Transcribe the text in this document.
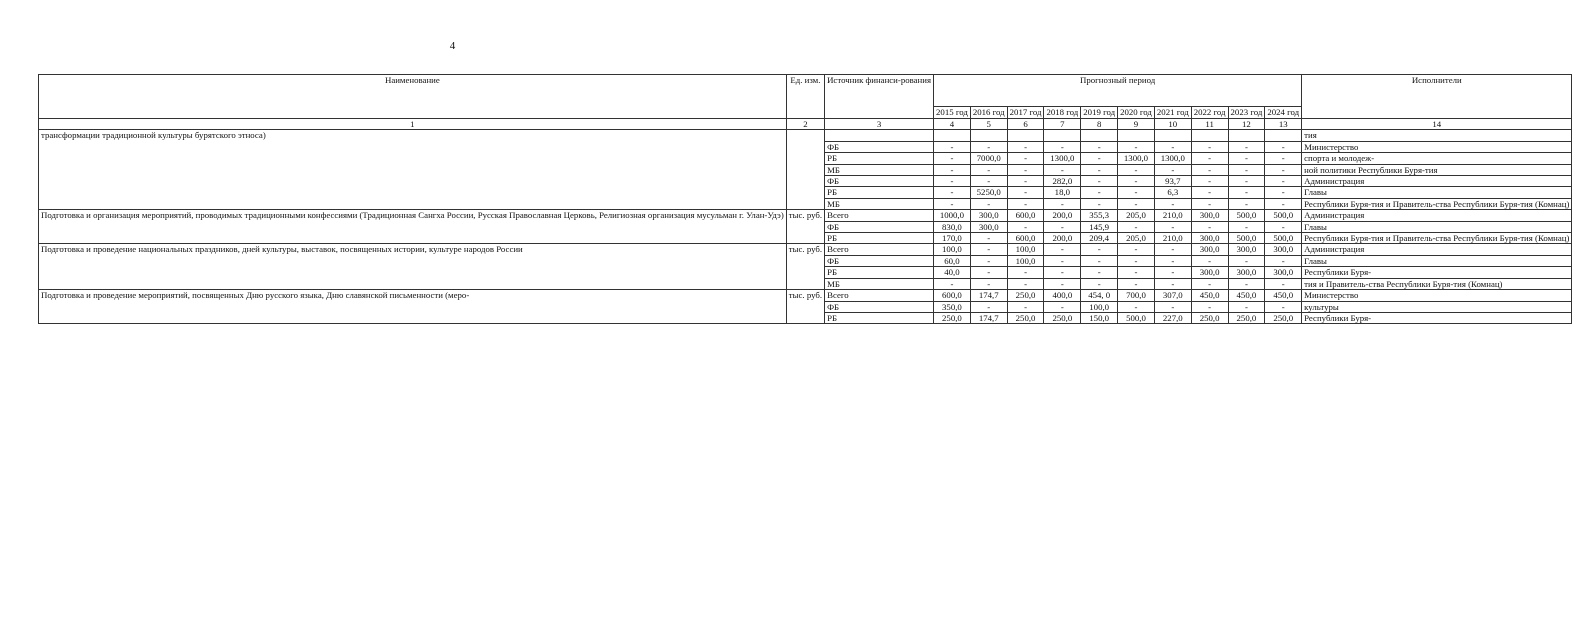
4
Наименование	Ед. изм.	Источник финанси-рования	Прогнозный период										Исполнители
			2015 год	2016 год	2017 год	2018 год	2019 год	2020 год	2021 год	2022 год	2023 год	2024 год	
1	2	3	4	5	6	7	8	9	10	11	12	13	14
трансформации традиционной культуры бурятского этноса)													тия
		ФБ	-	-	-	-	-	-	-	-	-	-	Министерство
		РБ	-	7000,0	-	1300,0	-	1300,0	1300,0	-	-	-	спорта и молодеж-
		МБ	-	-	-	-	-	-	-	-	-	-	ной политики Республики Буря-тия
		ФБ	-	-	-	282,0	-	-	93,7	-	-	-	Администрация
		РБ	-	5250,0	-	18,0	-	-	6,3	-	-	-	Главы
		МБ	-	-	-	-	-	-	-	-	-	-	Республики Буря-тия и Правитель-ства Республики Буря-тия (Комнац)
Подготовка и организация мероприятий, проводимых традиционными конфессиями (Традиционная Сангха России, Русская Православная Церковь, Религиозная организация мусульман г. Улан-Удэ)	тыс. руб.	Всего	1000,0	300,0	600,0	200,0	355,3	205,0	210,0	300,0	500,0	500,0	Администрация
		ФБ	830,0	300,0	-	-	145,9	-	-	-	-	-	Главы
		РБ	170,0	-	600,0	200,0	209,4	205,0	210,0	300,0	500,0	500,0	Республики Буря-тия и Правитель-ства Республики Буря-тия (Комнац)
Подготовка и проведение национальных праздников, дней культуры, выставок, посвященных истории, культуре народов России	тыс. руб.	Всего	100,0	-	100,0	-	-	-	-	300,0	300,0	300,0	Администрация
		ФБ	60,0	-	100,0	-	-	-	-	-	-	-	Главы
		РБ	40,0	-	-	-	-	-	-	300,0	300,0	300,0	Республики Буря-
		МБ	-	-	-	-	-	-	-	-	-	-	тия и Правитель-ства Республики Буря-тия (Комнац)
Подготовка и проведение мероприятий, посвященных Дню русского языка, Дню славянской письменности (меро-	тыс. руб.	Всего	600,0	174,7	250,0	400,0	454, 0	700,0	307,0	450,0	450,0	450,0	Министерство
		ФБ	350,0	-	-	-	100,0	-	-	-	-	-	культуры
		РБ	250,0	174,7	250,0	250,0	150,0	500,0	227,0	250,0	250,0	250,0	Республики Буря-
